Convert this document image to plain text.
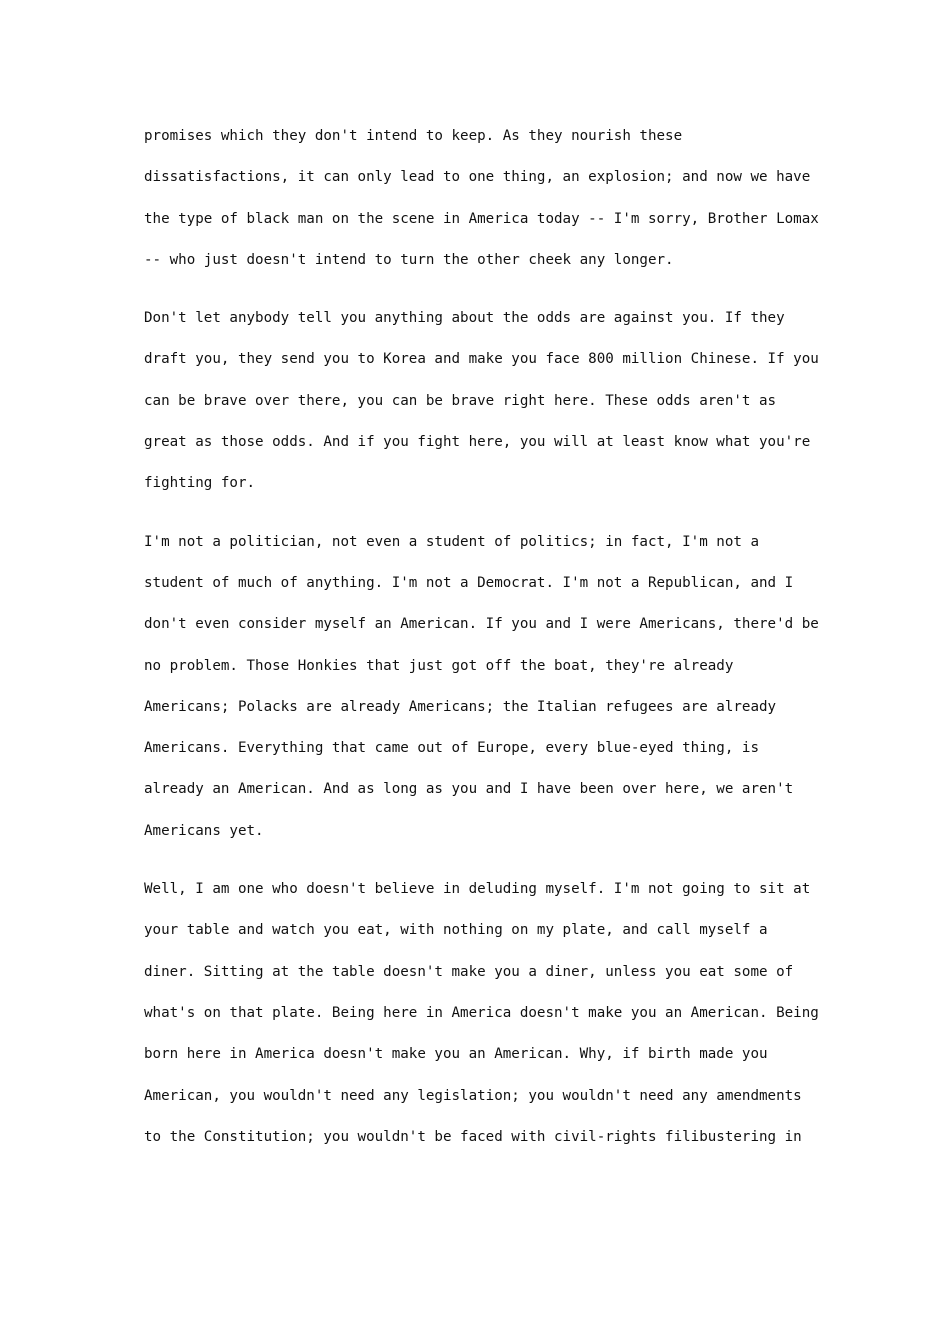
promises which they don't intend to keep. As they nourish these
dissatisfactions, it can only lead to one thing, an explosion; and now we have
the type of black man on the scene in America today -- I'm sorry, Brother Lomax
-- who just doesn't intend to turn the other cheek any longer.
Don't let anybody tell you anything about the odds are against you. If they
draft you, they send you to Korea and make you face 800 million Chinese. If you
can be brave over there, you can be brave right here. These odds aren't as
great as those odds. And if you fight here, you will at least know what you're
fighting for.
I'm not a politician, not even a student of politics; in fact, I'm not a
student of much of anything. I'm not a Democrat. I'm not a Republican, and I
don't even consider myself an American. If you and I were Americans, there'd be
no problem. Those Honkies that just got off the boat, they're already
Americans; Polacks are already Americans; the Italian refugees are already
Americans. Everything that came out of Europe, every blue-eyed thing, is
already an American. And as long as you and I have been over here, we aren't
Americans yet.
Well, I am one who doesn't believe in deluding myself. I'm not going to sit at
your table and watch you eat, with nothing on my plate, and call myself a
diner. Sitting at the table doesn't make you a diner, unless you eat some of
what's on that plate. Being here in America doesn't make you an American. Being
born here in America doesn't make you an American. Why, if birth made you
American, you wouldn't need any legislation; you wouldn't need any amendments
to the Constitution; you wouldn't be faced with civil-rights filibustering in
